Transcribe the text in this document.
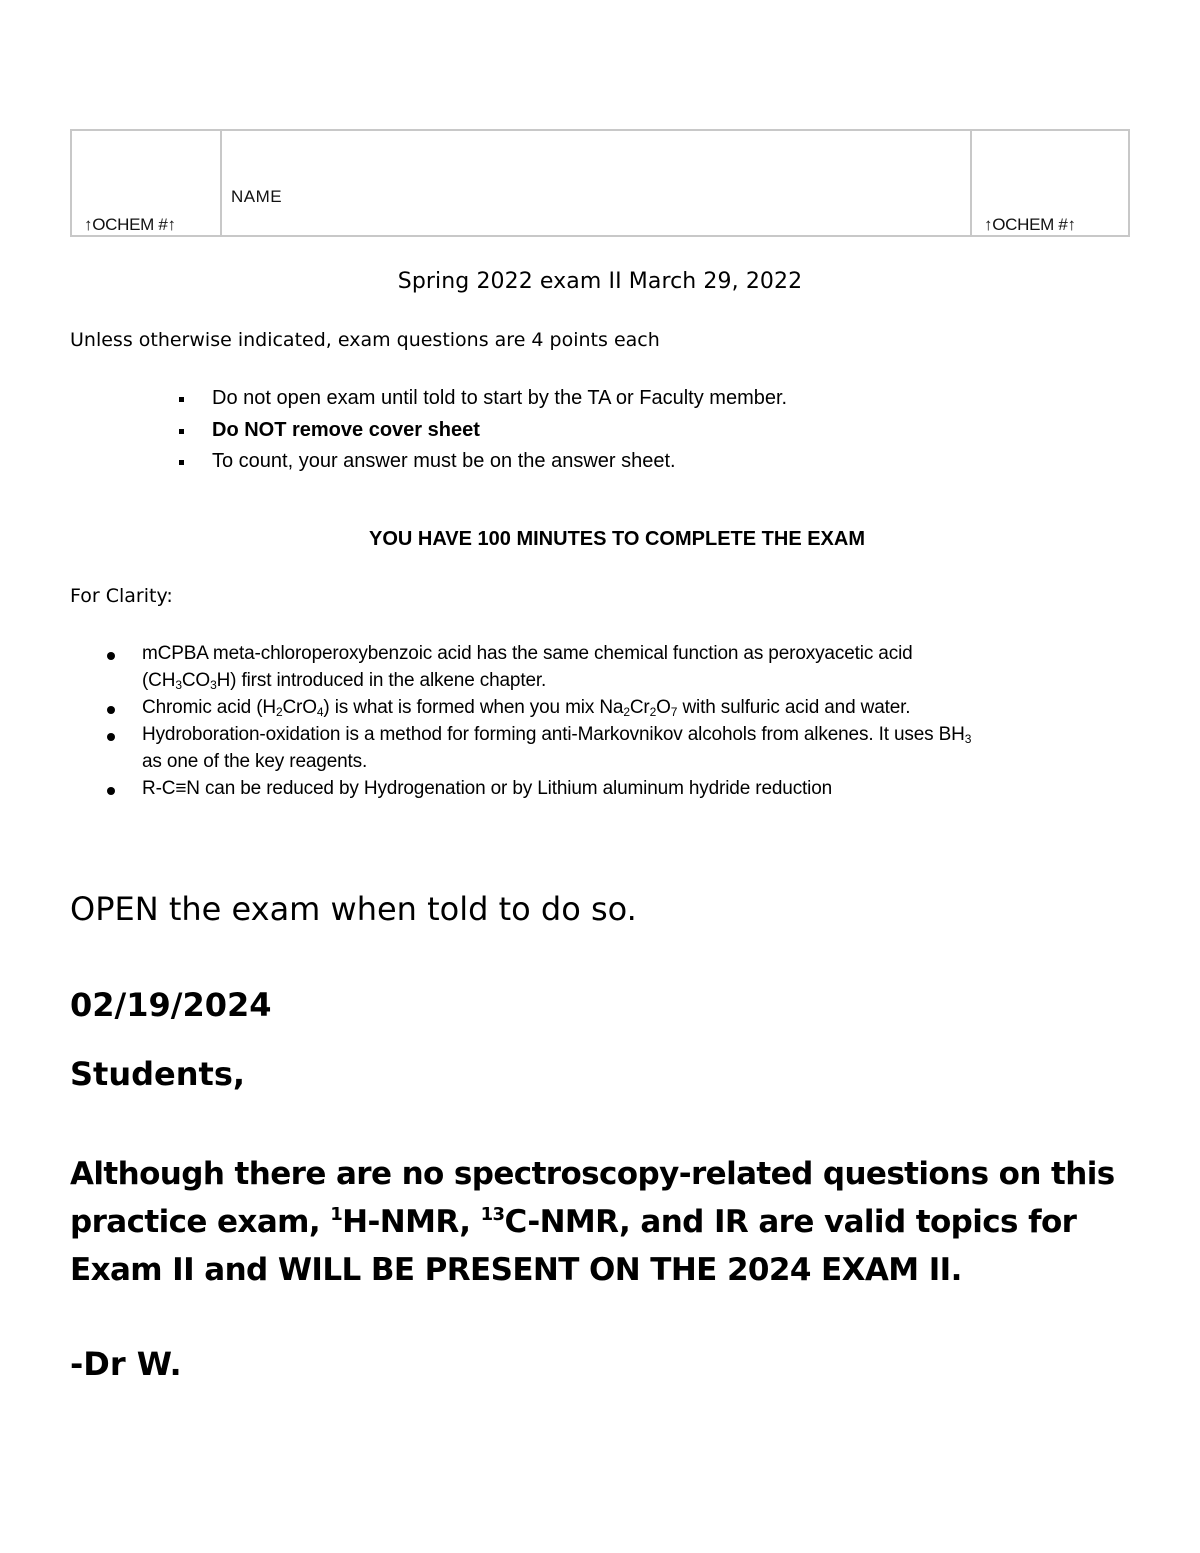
↑OCHEM #↑
NAME
↑OCHEM #↑
Spring 2022 exam II March 29, 2022
Unless otherwise indicated, exam questions are 4 points each
Do not open exam until told to start by the TA or Faculty member.
Do NOT remove cover sheet
To count, your answer must be on the answer sheet.
YOU HAVE 100 MINUTES TO COMPLETE THE EXAM
For Clarity:
mCPBA meta-chloroperoxybenzoic acid has the same chemical function as peroxyacetic acid
$(CH_3CO_3H)$ first introduced in the alkene chapter.
Chromic acid $(H_2CrO_4)$ is what is formed when you mix $Na_2Cr_2O_7$ with sulfuric acid and water.
Hydroboration-oxidation is a method for forming anti-Markovnikov alcohols from alkenes. It uses $BH_3$
as one of the key reagents.
R-C≡N can be reduced by Hydrogenation or by Lithium aluminum hydride reduction
OPEN the exam when told to do so.
02/19/2024
Students,
Although there are no spectroscopy-related questions on this practice exam, $^1$H-NMR, $^{13}$C-NMR, and IR are valid topics for Exam II and WILL BE PRESENT ON THE 2024 EXAM II.
-Dr W.
